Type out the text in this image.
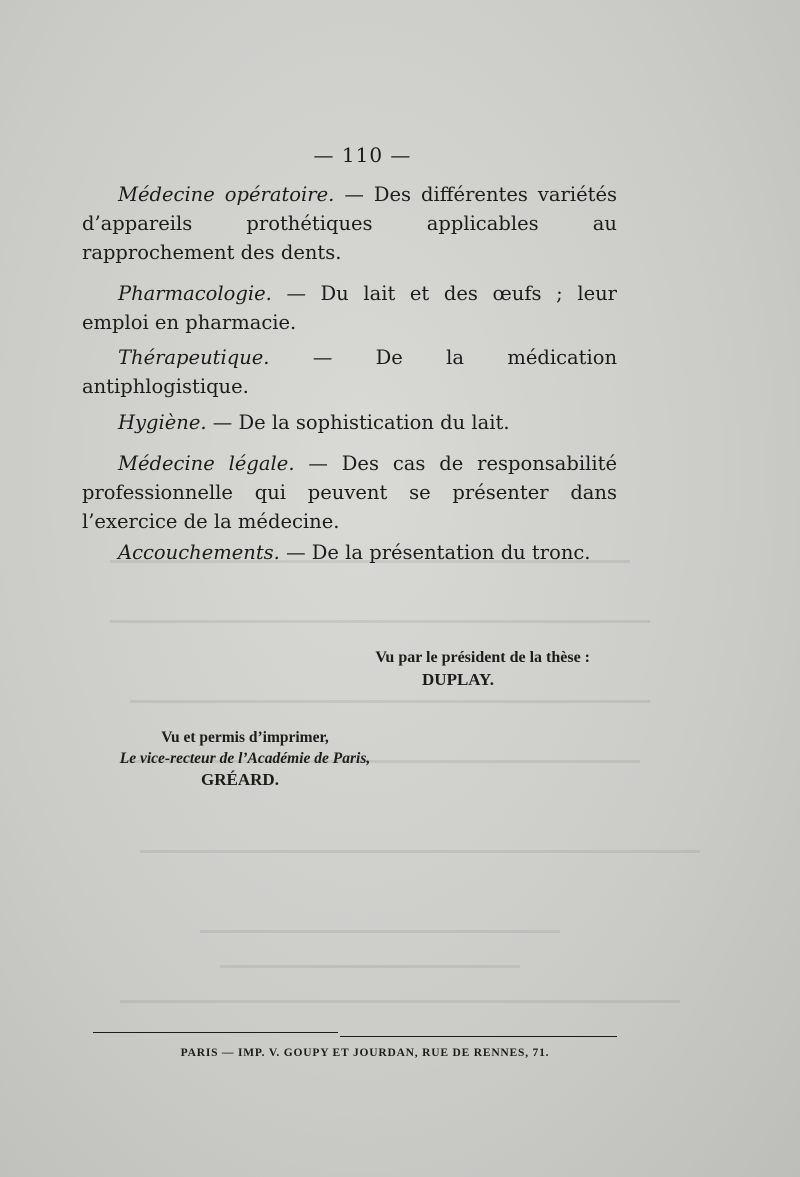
— 110 —
Médecine opératoire. — Des différentes variétés d’appareils prothétiques applicables au rapprochement des dents.
Pharmacologie. — Du lait et des œufs ; leur emploi en pharmacie.
Thérapeutique. — De la médication antiphlogistique.
Hygiène. — De la sophistication du lait.
Médecine légale. — Des cas de responsabilité professionnelle qui peuvent se présenter dans l’exercice de la médecine.
Accouchements. — De la présentation du tronc.
Vu par le président de la thèse :
DUPLAY.
Vu et permis d’imprimer,
Le vice-recteur de l’Académie de Paris,
GRÉARD.
PARIS — IMP. V. GOUPY ET JOURDAN, RUE DE RENNES, 71.
